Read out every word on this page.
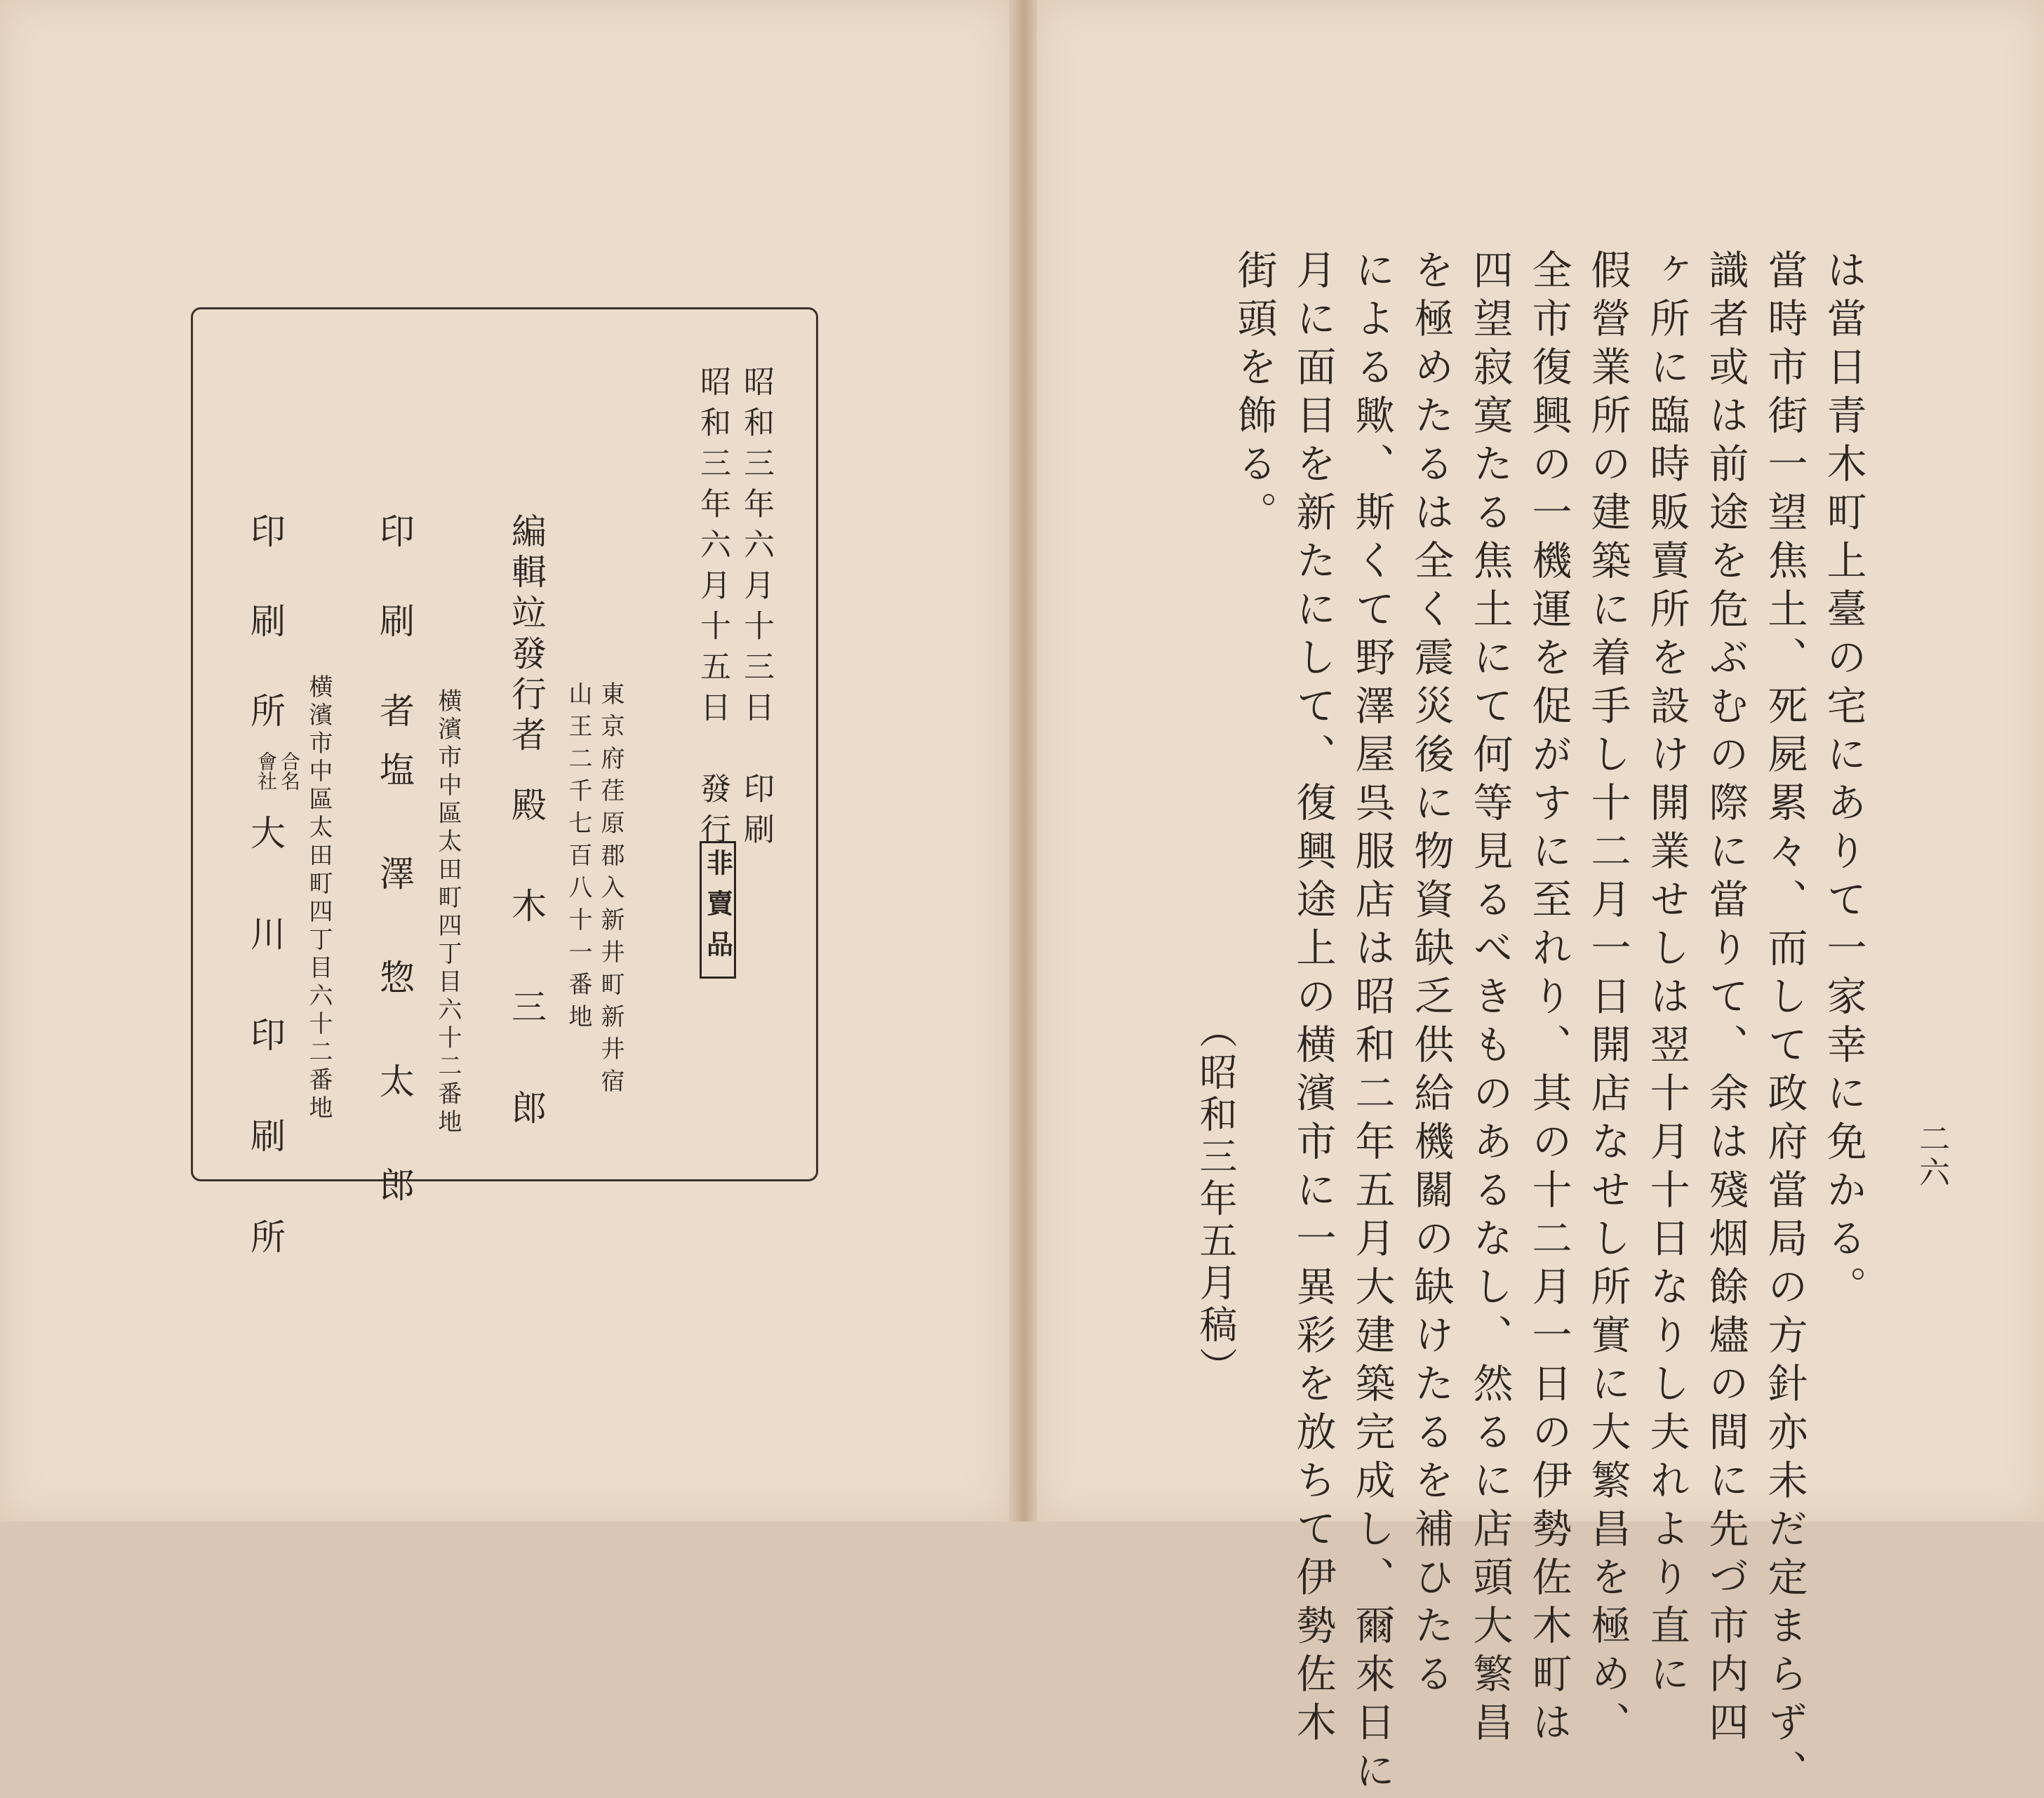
昭和三年六月十三日　印刷
昭和三年六月十五日　發行
非賣品
東京府荏原郡入新井町新井宿
山王二千七百八十一番地
編輯竝發行者
殿　木　三　郎
印　刷　者
横濱市中區太田町四丁目六十二番地
塩　澤　惣　太　郎
印　刷　所
横濱市中區太田町四丁目六十二番地
合名會社
大　川　印　刷　所	は當日青木町上臺の宅にありて一家幸に免かる。
當時市街一望焦土、死屍累々、而して政府當局の方針亦未だ定まらず、
識者或は前途を危ぶむの際に當りて、余は殘烟餘燼の間に先づ市内四
ヶ所に臨時販賣所を設け開業せしは翌十月十日なりし夫れより直に
假營業所の建築に着手し十二月一日開店なせし所實に大繁昌を極め、
全市復興の一機運を促がすに至れり、其の十二月一日の伊勢佐木町は
四望寂寞たる焦土にて何等見るべきものあるなし、然るに店頭大繁昌
を極めたるは全く震災後に物資缺乏供給機關の缺けたるを補ひたる
による歟、斯くて野澤屋呉服店は昭和二年五月大建築完成し、爾來日に
月に面目を新たにして、復興途上の横濱市に一異彩を放ちて伊勢佐木
街頭を飾る。
（昭和三年五月稿）	二六
